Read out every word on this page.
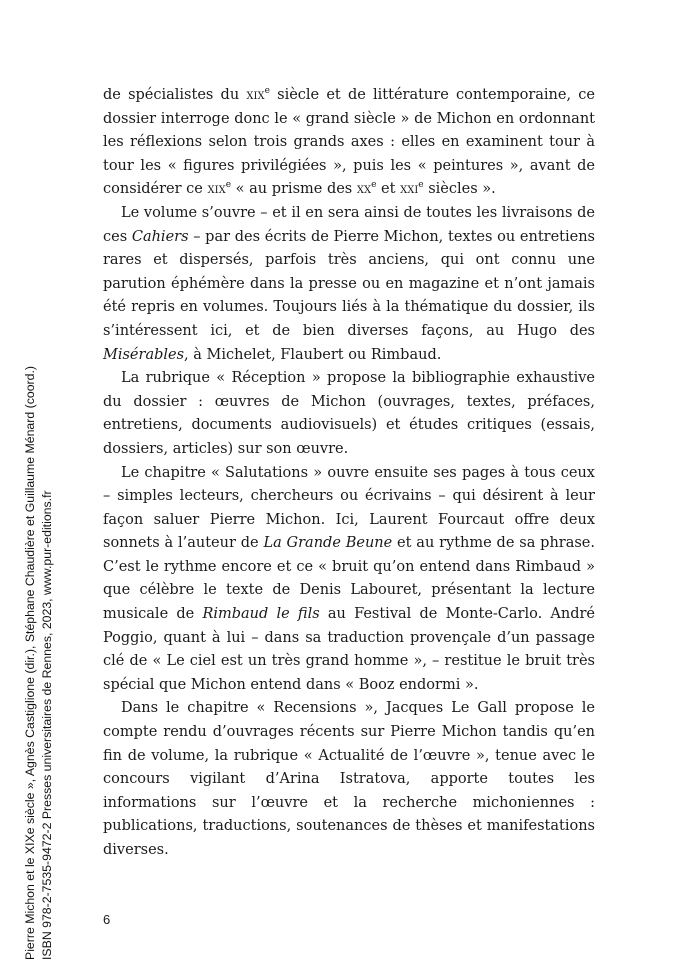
de spécialistes du xix$^e$ siècle et de littérature contemporaine, ce dossier interroge donc le « grand siècle » de Michon en ordonnant les réflexions selon trois grands axes : elles en examinent tour à tour les « figures privilégiées », puis les « peintures », avant de considérer ce xix$^e$ « au prisme des $xx^e$ et xxi$^e$ siècles ».

Le volume s’ouvre – et il en sera ainsi de toutes les livraisons de ces Cahiers – par des écrits de Pierre Michon, textes ou entretiens rares et dispersés, parfois très anciens, qui ont connu une parution éphémère dans la presse ou en magazine et n’ont jamais été repris en volumes. Toujours liés à la thématique du dossier, ils s’intéressent ici, et de bien diverses façons, au Hugo des Misérables, à Michelet, Flaubert ou Rimbaud.

La rubrique « Réception » propose la bibliographie exhaustive du dossier : œuvres de Michon (ouvrages, textes, préfaces, entretiens, documents audiovisuels) et études critiques (essais, dossiers, articles) sur son œuvre.

Le chapitre « Salutations » ouvre ensuite ses pages à tous ceux – simples lecteurs, chercheurs ou écrivains – qui désirent à leur façon saluer Pierre Michon. Ici, Laurent Fourcaut offre deux sonnets à l’auteur de La Grande Beune et au rythme de sa phrase. C’est le rythme encore et ce « bruit qu’on entend dans Rimbaud » que célèbre le texte de Denis Labouret, présentant la lecture musicale de Rimbaud le fils au Festival de Monte-Carlo. André Poggio, quant à lui – dans sa traduction provençale d’un passage clé de « Le ciel est un très grand homme », – restitue le bruit très spécial que Michon entend dans « Booz endormi ».

Dans le chapitre « Recensions », Jacques Le Gall propose le compte rendu d’ouvrages récents sur Pierre Michon tandis qu’en fin de volume, la rubrique « Actualité de l’œuvre », tenue avec le concours vigilant d’Arina Istratova, apporte toutes les informations sur l’œuvre et la recherche michoniennes : publications, traductions, soutenances de thèses et manifestations diverses.

6
Pierre Michon et le XIXe siècle », Agnès Castiglione (dir.), Stéphane Chaudière et Guillaume Ménard (coord.) ISBN 978-2-7535-9472-2 Presses universitaires de Rennes, 2023, www.pur-editions.fr
